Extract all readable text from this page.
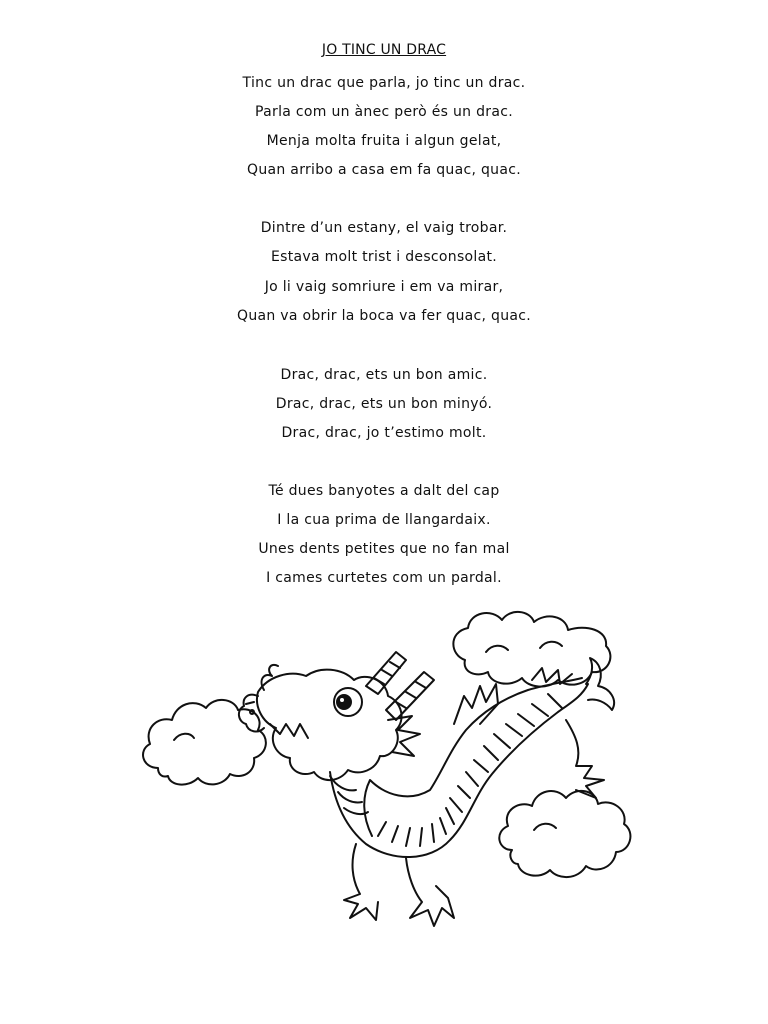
JO TINC UN DRAC
Tinc un drac que parla, jo tinc un drac.
Parla com un ànec però és un drac.
Menja molta fruita i algun gelat,
Quan arribo a casa em fa quac, quac.
Dintre d’un estany, el vaig trobar.
Estava molt trist i desconsolat.
Jo li vaig somriure i em va mirar,
Quan va obrir la boca va fer quac, quac.
Drac, drac, ets un bon amic.
Drac, drac, ets un bon minyó.
Drac, drac, jo t’estimo molt.
Té dues banyotes a dalt del cap
I la cua prima de llangardaix.
Unes dents petites que no fan mal
I cames curtetes com un pardal.
